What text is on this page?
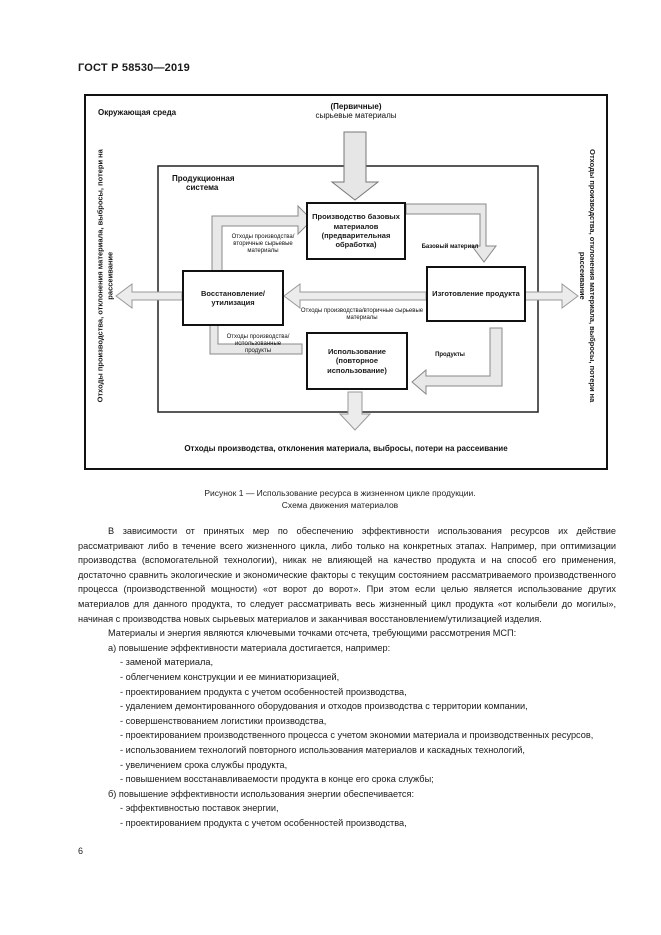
ГОСТ Р 58530—2019
Окружающая среда
(Первичные)
сырьевые материалы
Продукционная
система
Производство базовых материалов (предварительная обработка)
Изготовление продукта
Восстановление/ утилизация
Использование (повторное использование)
Базовый материал
Продукты
Отходы производства/вторичные сырьевые материалы
Отходы производства/вторичные сырьевые материалы
Отходы производства/ использованные продукты
Отходы производства, отклонения материала, выбросы, потери на рассеивание	Отходы производства, отклонения материала, выбросы, потери на рассеивание
Отходы производства, отклонения материала, выбросы, потери на рассеивание
Рисунок 1 — Использование ресурса в жизненном цикле продукции.
Схема движения материалов

В зависимости от принятых мер по обеспечению эффективности использования ресурсов их действие рассматривают либо в течение всего жизненного цикла, либо только на конкретных этапах. Например, при оптимизации производства (вспомогательной технологии), никак не влияющей на качество продукта и на способ его применения, достаточно сравнить экологические и экономические факторы с текущим состоянием рассматриваемого производственного процесса (производственной мощности) «от ворот до ворот». При этом если целью является использование других материалов для данного продукта, то следует рассматривать весь жизненный цикл продукта «от колыбели до могилы», начиная с производства новых сырьевых материалов и заканчивая восстановлением/утилизацией изделия.

Материалы и энергия являются ключевыми точками отсчета, требующими рассмотрения МСП:

а) повышение эффективности материала достигается, например:

- заменой материала,

- облегчением конструкции и ее миниатюризацией,

- проектированием продукта с учетом особенностей производства,

- удалением демонтированного оборудования и отходов производства с территории компании,

- совершенствованием логистики производства,

- проектированием производственного процесса с учетом экономии материала и производственных ресурсов,

- использованием технологий повторного использования материалов и каскадных технологий,

- увеличением срока службы продукта,

- повышением восстанавливаемости продукта в конце его срока службы;

б) повышение эффективности использования энергии обеспечивается:

- эффективностью поставок энергии,

- проектированием продукта с учетом особенностей производства,

6
